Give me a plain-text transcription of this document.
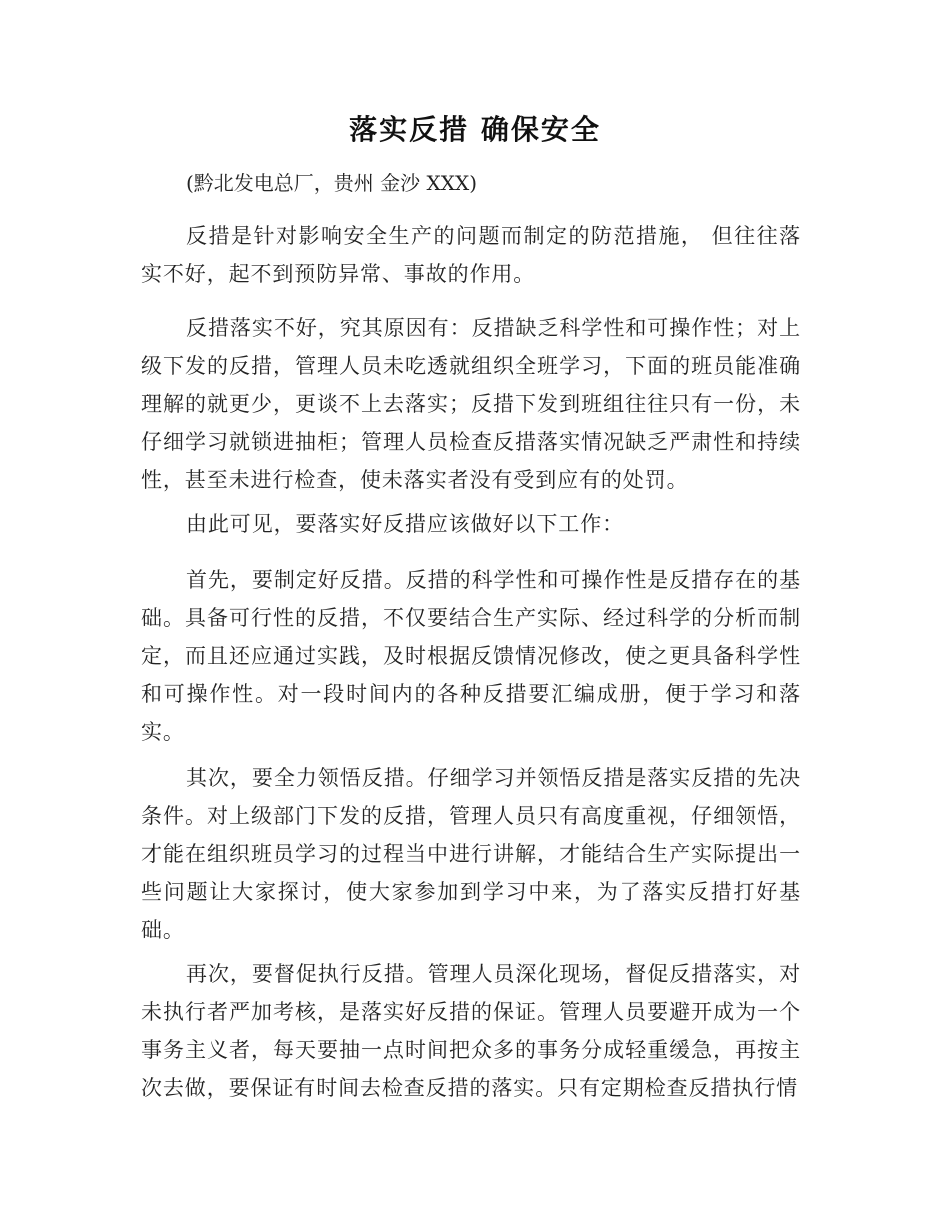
落实反措 确保安全
(黔北发电总厂，贵州 金沙 XXX)

反措是针对影响安全生产的问题而制定的防范措施， 但往往落实不好，起不到预防异常、事故的作用。

反措落实不好，究其原因有：反措缺乏科学性和可操作性；对上级下发的反措，管理人员未吃透就组织全班学习，下面的班员能准确理解的就更少，更谈不上去落实；反措下发到班组往往只有一份，未仔细学习就锁进抽柜；管理人员检查反措落实情况缺乏严肃性和持续性，甚至未进行检查，使未落实者没有受到应有的处罚。

由此可见，要落实好反措应该做好以下工作：

首先，要制定好反措。反措的科学性和可操作性是反措存在的基础。具备可行性的反措，不仅要结合生产实际、经过科学的分析而制定，而且还应通过实践，及时根据反馈情况修改，使之更具备科学性和可操作性。对一段时间内的各种反措要汇编成册，便于学习和落实。

其次，要全力领悟反措。仔细学习并领悟反措是落实反措的先决条件。对上级部门下发的反措，管理人员只有高度重视，仔细领悟，才能在组织班员学习的过程当中进行讲解，才能结合生产实际提出一些问题让大家探讨，使大家参加到学习中来，为了落实反措打好基础。

再次，要督促执行反措。管理人员深化现场，督促反措落实，对未执行者严加考核，是落实好反措的保证。管理人员要避开成为一个事务主义者，每天要抽一点时间把众多的事务分成轻重缓急，再按主次去做，要保证有时间去检查反措的落实。只有定期检查反措执行情
